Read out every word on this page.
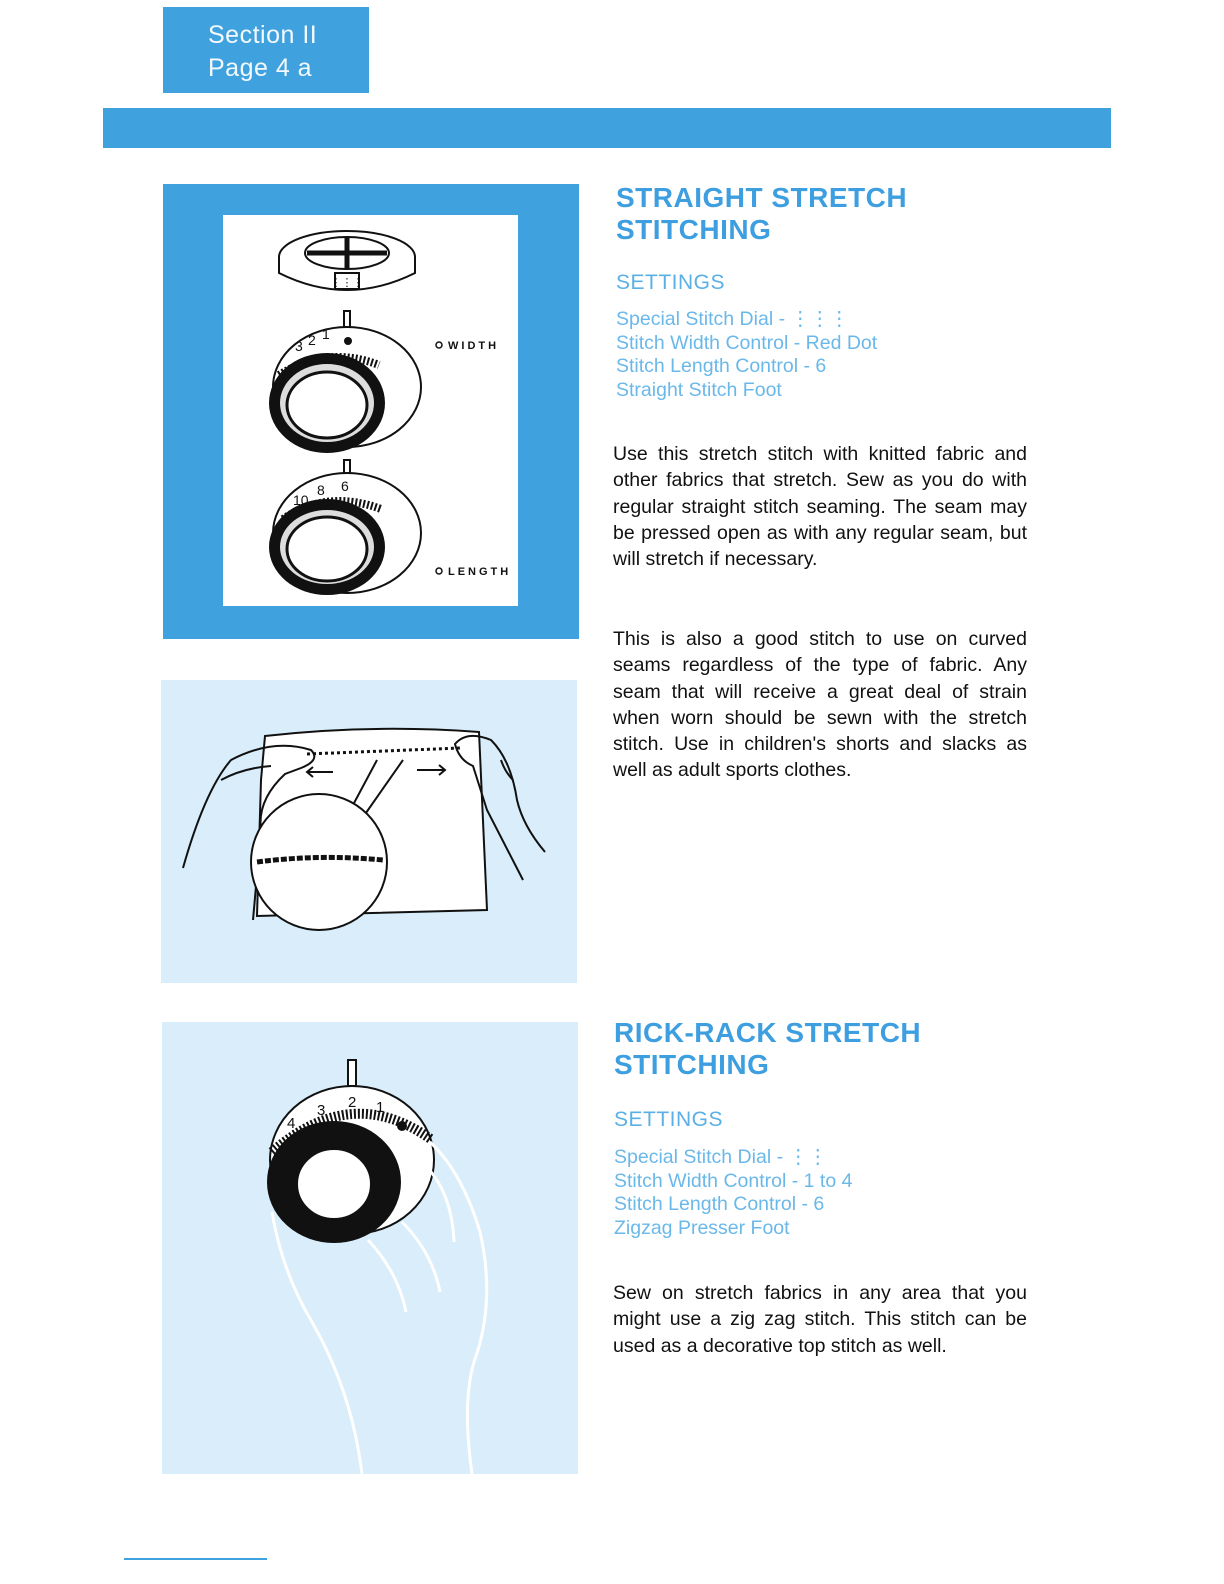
Section II
Page 4 a
⋮⋮⋮
3 2 1
WIDTH
10
8 6
LENGTH
4
3 2 1
STRAIGHT STRETCH
STITCHING
SETTINGS
Special Stitch Dial - ⋮⋮⋮
Stitch Width Control - Red Dot
Stitch Length Control - 6
Straight Stitch Foot

Use this stretch stitch with knitted fabric and other fabrics that stretch. Sew as you do with regular straight stitch seaming. The seam may be pressed open as with any regular seam, but will stretch if necessary.

This is also a good stitch to use on curved seams regardless of the type of fabric. Any seam that will receive a great deal of strain when worn should be sewn with the stretch stitch. Use in children's shorts and slacks as well as adult sports clothes.

RICK-RACK STRETCH
STITCHING
SETTINGS
Special Stitch Dial - ⋮⋮
Stitch Width Control - 1 to 4
Stitch Length Control - 6
Zigzag Presser Foot

Sew on stretch fabrics in any area that you might use a zig zag stitch. This stitch can be used as a decorative top stitch as well.
